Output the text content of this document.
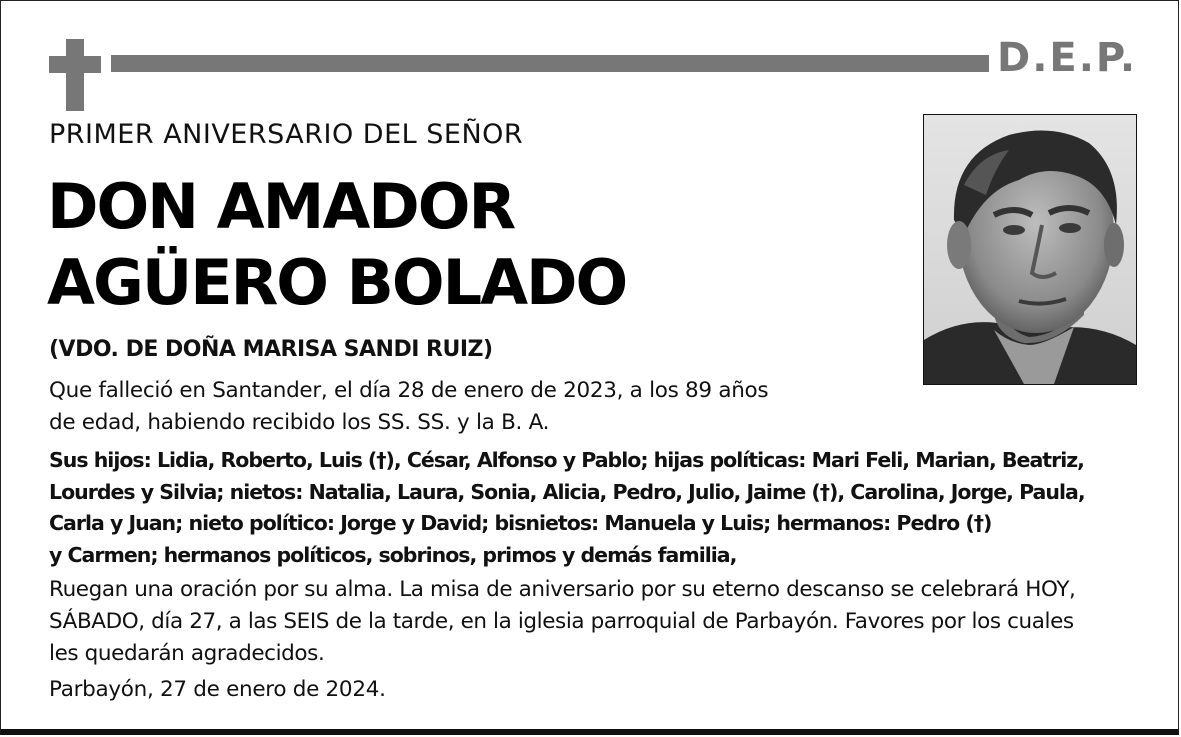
D.E.P.
PRIMER ANIVERSARIO DEL SEÑOR
DON AMADOR
AGÜERO BOLADO
(VDO. DE DOÑA MARISA SANDI RUIZ)
Que falleció en Santander, el día 28 de enero de 2023, a los 89 años
de edad, habiendo recibido los SS. SS. y la B. A.
Sus hijos: Lidia, Roberto, Luis (†), César, Alfonso y Pablo; hijas políticas: Mari Feli, Marian, Beatriz,
Lourdes y Silvia; nietos: Natalia, Laura, Sonia, Alicia, Pedro, Julio, Jaime (†), Carolina, Jorge, Paula,
Carla y Juan; nieto político: Jorge y David; bisnietos: Manuela y Luis; hermanos: Pedro (†)
y Carmen; hermanos políticos, sobrinos, primos y demás familia,
Ruegan una oración por su alma. La misa de aniversario por su eterno descanso se celebrará HOY,
SÁBADO, día 27, a las SEIS de la tarde, en la iglesia parroquial de Parbayón. Favores por los cuales
les quedarán agradecidos.
Parbayón, 27 de enero de 2024.
